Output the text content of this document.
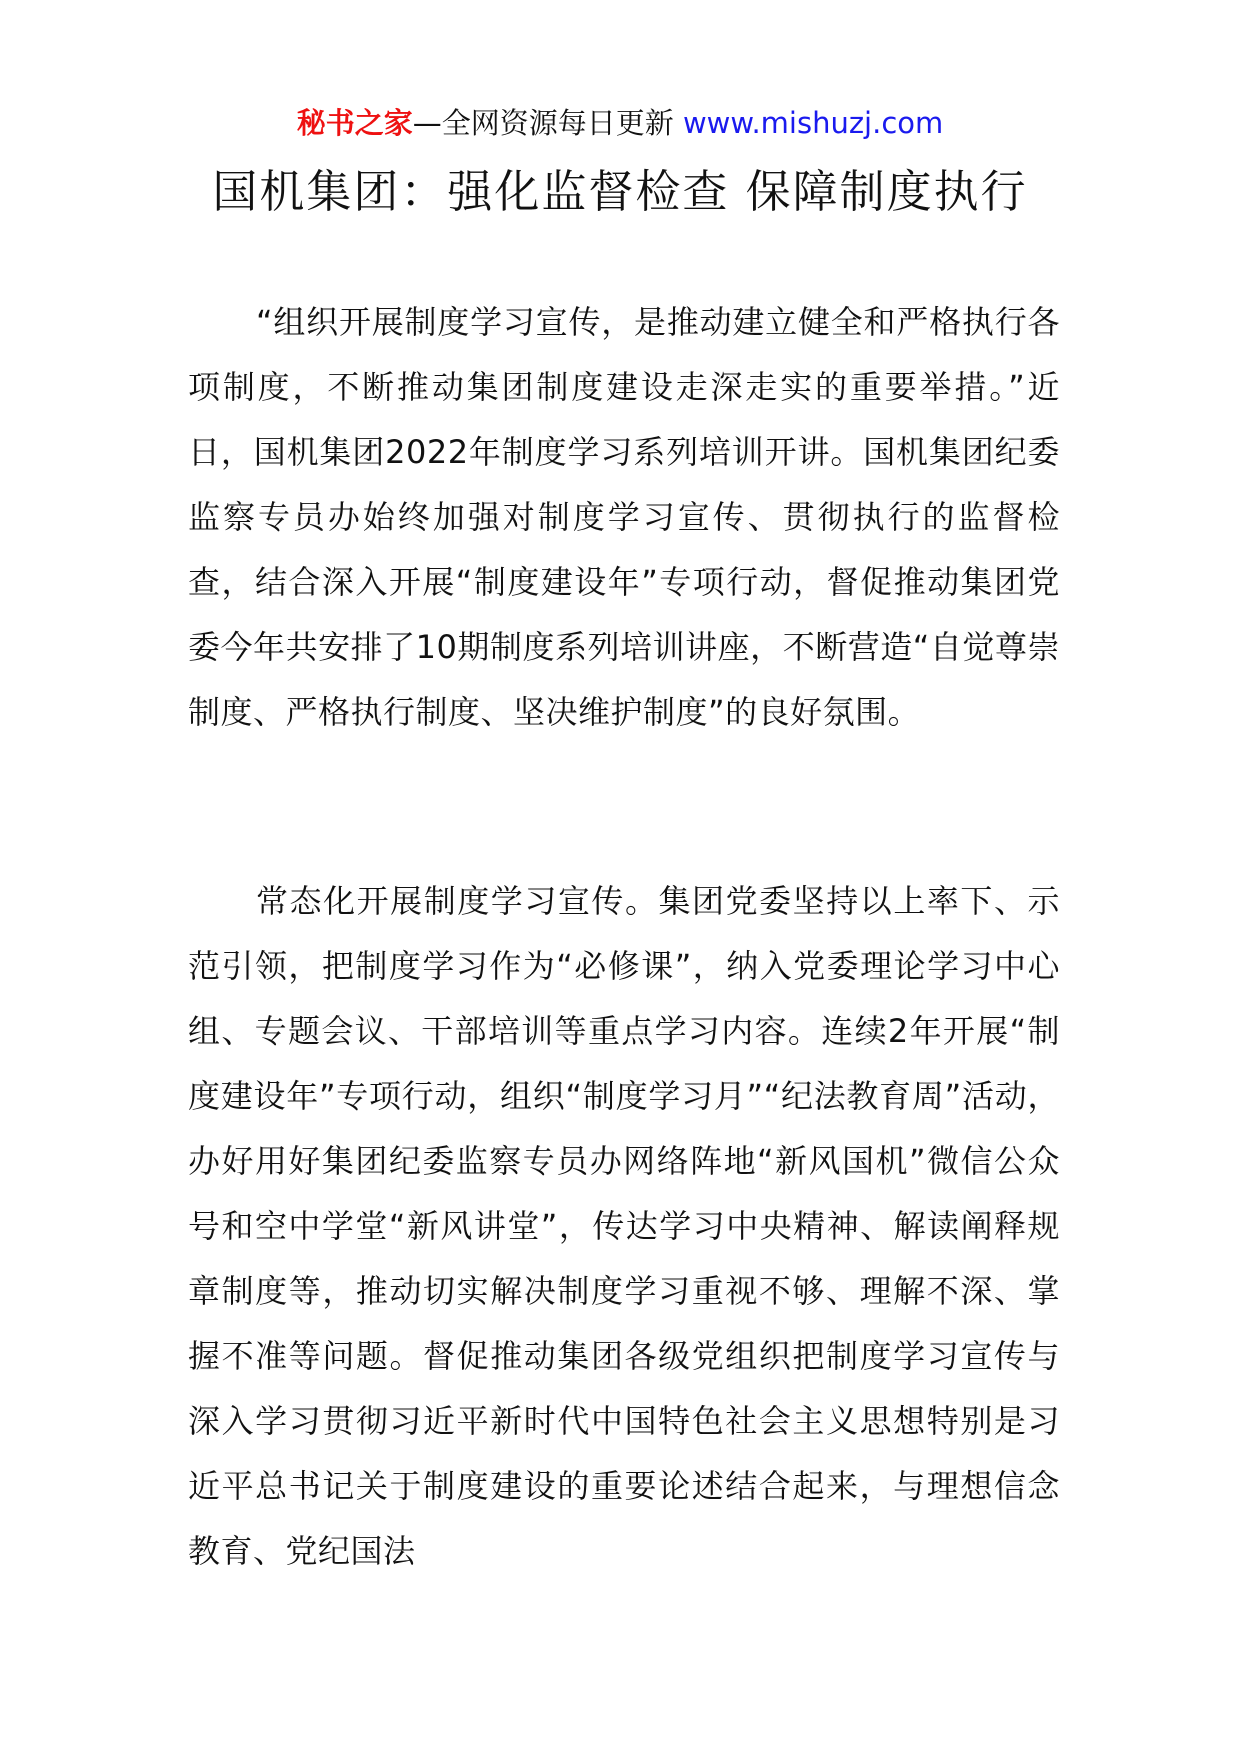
秘书之家—全网资源每日更新 www.mishuzj.com
国机集团：强化监督检查 保障制度执行

“组织开展制度学习宣传，是推动建立健全和严格执行各项制度，不断推动集团制度建设走深走实的重要举措。”近日，国机集团2022年制度学习系列培训开讲。国机集团纪委监察专员办始终加强对制度学习宣传、贯彻执行的监督检查，结合深入开展“制度建设年”专项行动，督促推动集团党委今年共安排了10期制度系列培训讲座，不断营造“自觉尊崇制度、严格执行制度、坚决维护制度”的良好氛围。

常态化开展制度学习宣传。集团党委坚持以上率下、示范引领，把制度学习作为“必修课”，纳入党委理论学习中心组、专题会议、干部培训等重点学习内容。连续2年开展“制度建设年”专项行动，组织“制度学习月”“纪法教育周”活动，办好用好集团纪委监察专员办网络阵地“新风国机”微信公众号和空中学堂“新风讲堂”，传达学习中央精神、解读阐释规章制度等，推动切实解决制度学习重视不够、理解不深、掌握不准等问题。督促推动集团各级党组织把制度学习宣传与深入学习贯彻习近平新时代中国特色社会主义思想特别是习近平总书记关于制度建设的重要论述结合起来，与理想信念教育、党纪国法
